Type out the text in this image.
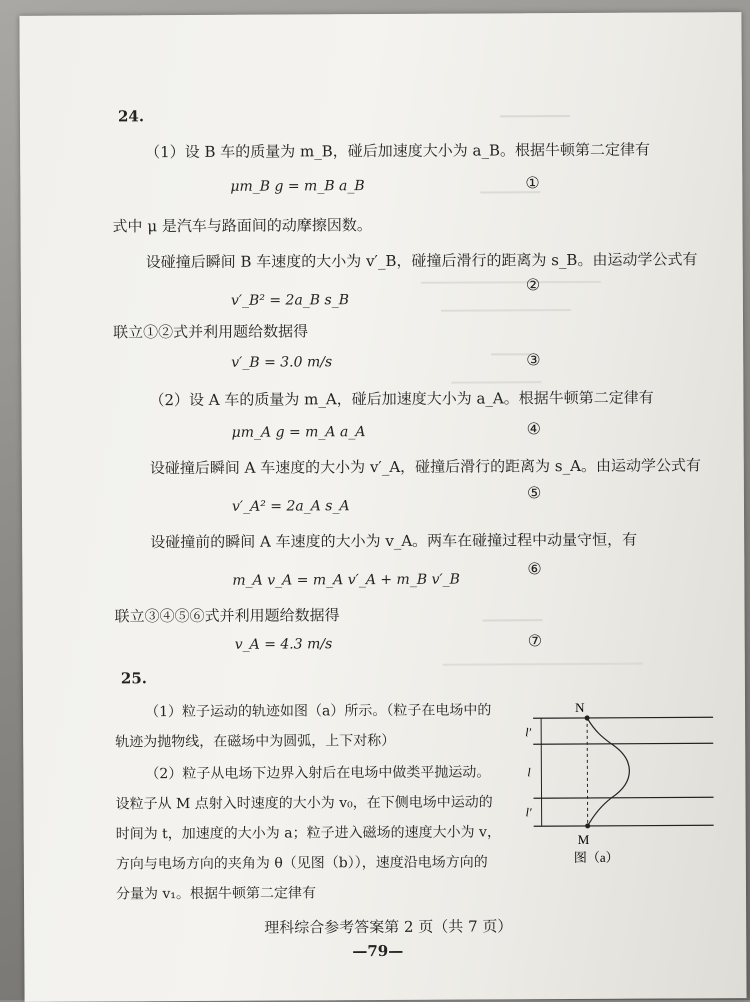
24.
（1）设 B 车的质量为 m_B，碰后加速度大小为 a_B。根据牛顿第二定律有
μm_B g = m_B a_B	①
式中 μ 是汽车与路面间的动摩擦因数。
设碰撞后瞬间 B 车速度的大小为 v′_B，碰撞后滑行的距离为 s_B。由运动学公式有
②
v′_B² = 2a_B s_B
联立①②式并利用题给数据得
v′_B = 3.0 m/s	③
（2）设 A 车的质量为 m_A，碰后加速度大小为 a_A。根据牛顿第二定律有
μm_A g = m_A a_A	④
设碰撞后瞬间 A 车速度的大小为 v′_A，碰撞后滑行的距离为 s_A。由运动学公式有
⑤
v′_A² = 2a_A s_A
设碰撞前的瞬间 A 车速度的大小为 v_A。两车在碰撞过程中动量守恒，有
⑥
m_A v_A = m_A v′_A + m_B v′_B
联立③④⑤⑥式并利用题给数据得
v_A = 4.3 m/s	⑦
25.
（1）粒子运动的轨迹如图（a）所示。（粒子在电场中的
轨迹为抛物线，在磁场中为圆弧，上下对称）
（2）粒子从电场下边界入射后在电场中做类平抛运动。
设粒子从 M 点射入时速度的大小为 v₀，在下侧电场中运动的
时间为 t，加速度的大小为 a；粒子进入磁场的速度大小为 v，
方向与电场方向的夹角为 θ（见图（b）），速度沿电场方向的
分量为 v₁。根据牛顿第二定律有
N
M
l′
l
l′
图（a）
理科综合参考答案第 2 页（共 7 页）
—79—
